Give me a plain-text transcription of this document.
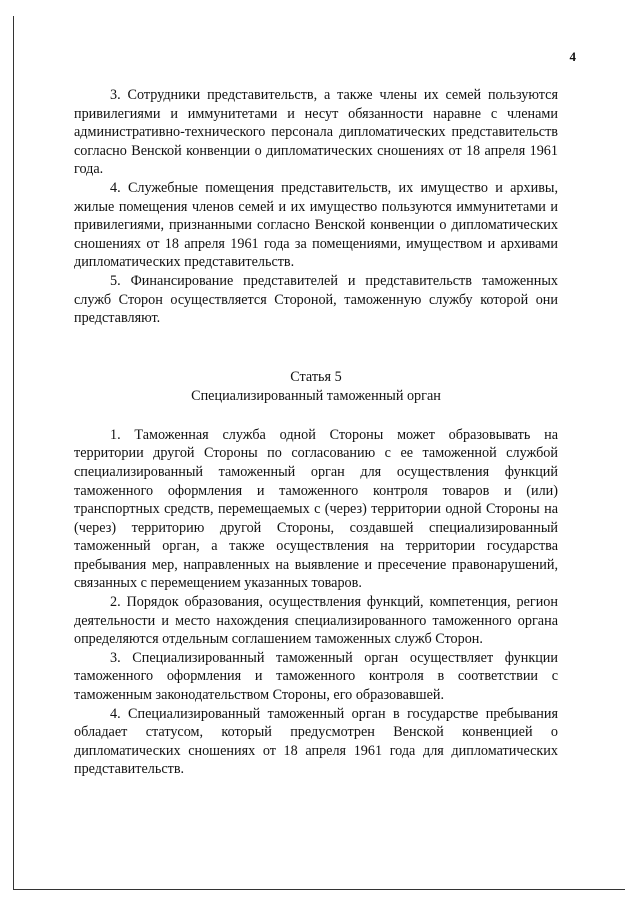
4

3. Сотрудники представительств, а также члены их семей пользуются привилегиями и иммунитетами и несут обязанности наравне с членами административно-технического персонала дипломатических представительств согласно Венской конвенции о дипломатических сношениях от 18 апреля 1961 года.

4. Служебные помещения представительств, их имущество и архивы, жилые помещения членов семей и их имущество пользуются иммунитетами и привилегиями, признанными согласно Венской конвенции о дипломатических сношениях от 18 апреля 1961 года за помещениями, имуществом и архивами дипломатических представительств.

5. Финансирование представителей и представительств таможенных служб Сторон осуществляется Стороной, таможенную службу которой они представляют.

Статья 5
Специализированный таможенный орган

1. Таможенная служба одной Стороны может образовывать на территории другой Стороны по согласованию с ее таможенной службой специализированный таможенный орган для осуществления функций таможенного оформления и таможенного контроля товаров и (или) транспортных средств, перемещаемых с (через) территории одной Стороны на (через) территорию другой Стороны, создавшей специализированный таможенный орган, а также осуществления на территории государства пребывания мер, направленных на выявление и пресечение правонарушений, связанных с перемещением указанных товаров.

2. Порядок образования, осуществления функций, компетенция, регион деятельности и место нахождения специализированного таможенного органа определяются отдельным соглашением таможенных служб Сторон.

3. Специализированный таможенный орган осуществляет функции таможенного оформления и таможенного контроля в соответствии с таможенным законодательством Стороны, его образовавшей.

4. Специализированный таможенный орган в государстве пребывания обладает статусом, который предусмотрен Венской конвенцией о дипломатических сношениях от 18 апреля 1961 года для дипломатических представительств.
